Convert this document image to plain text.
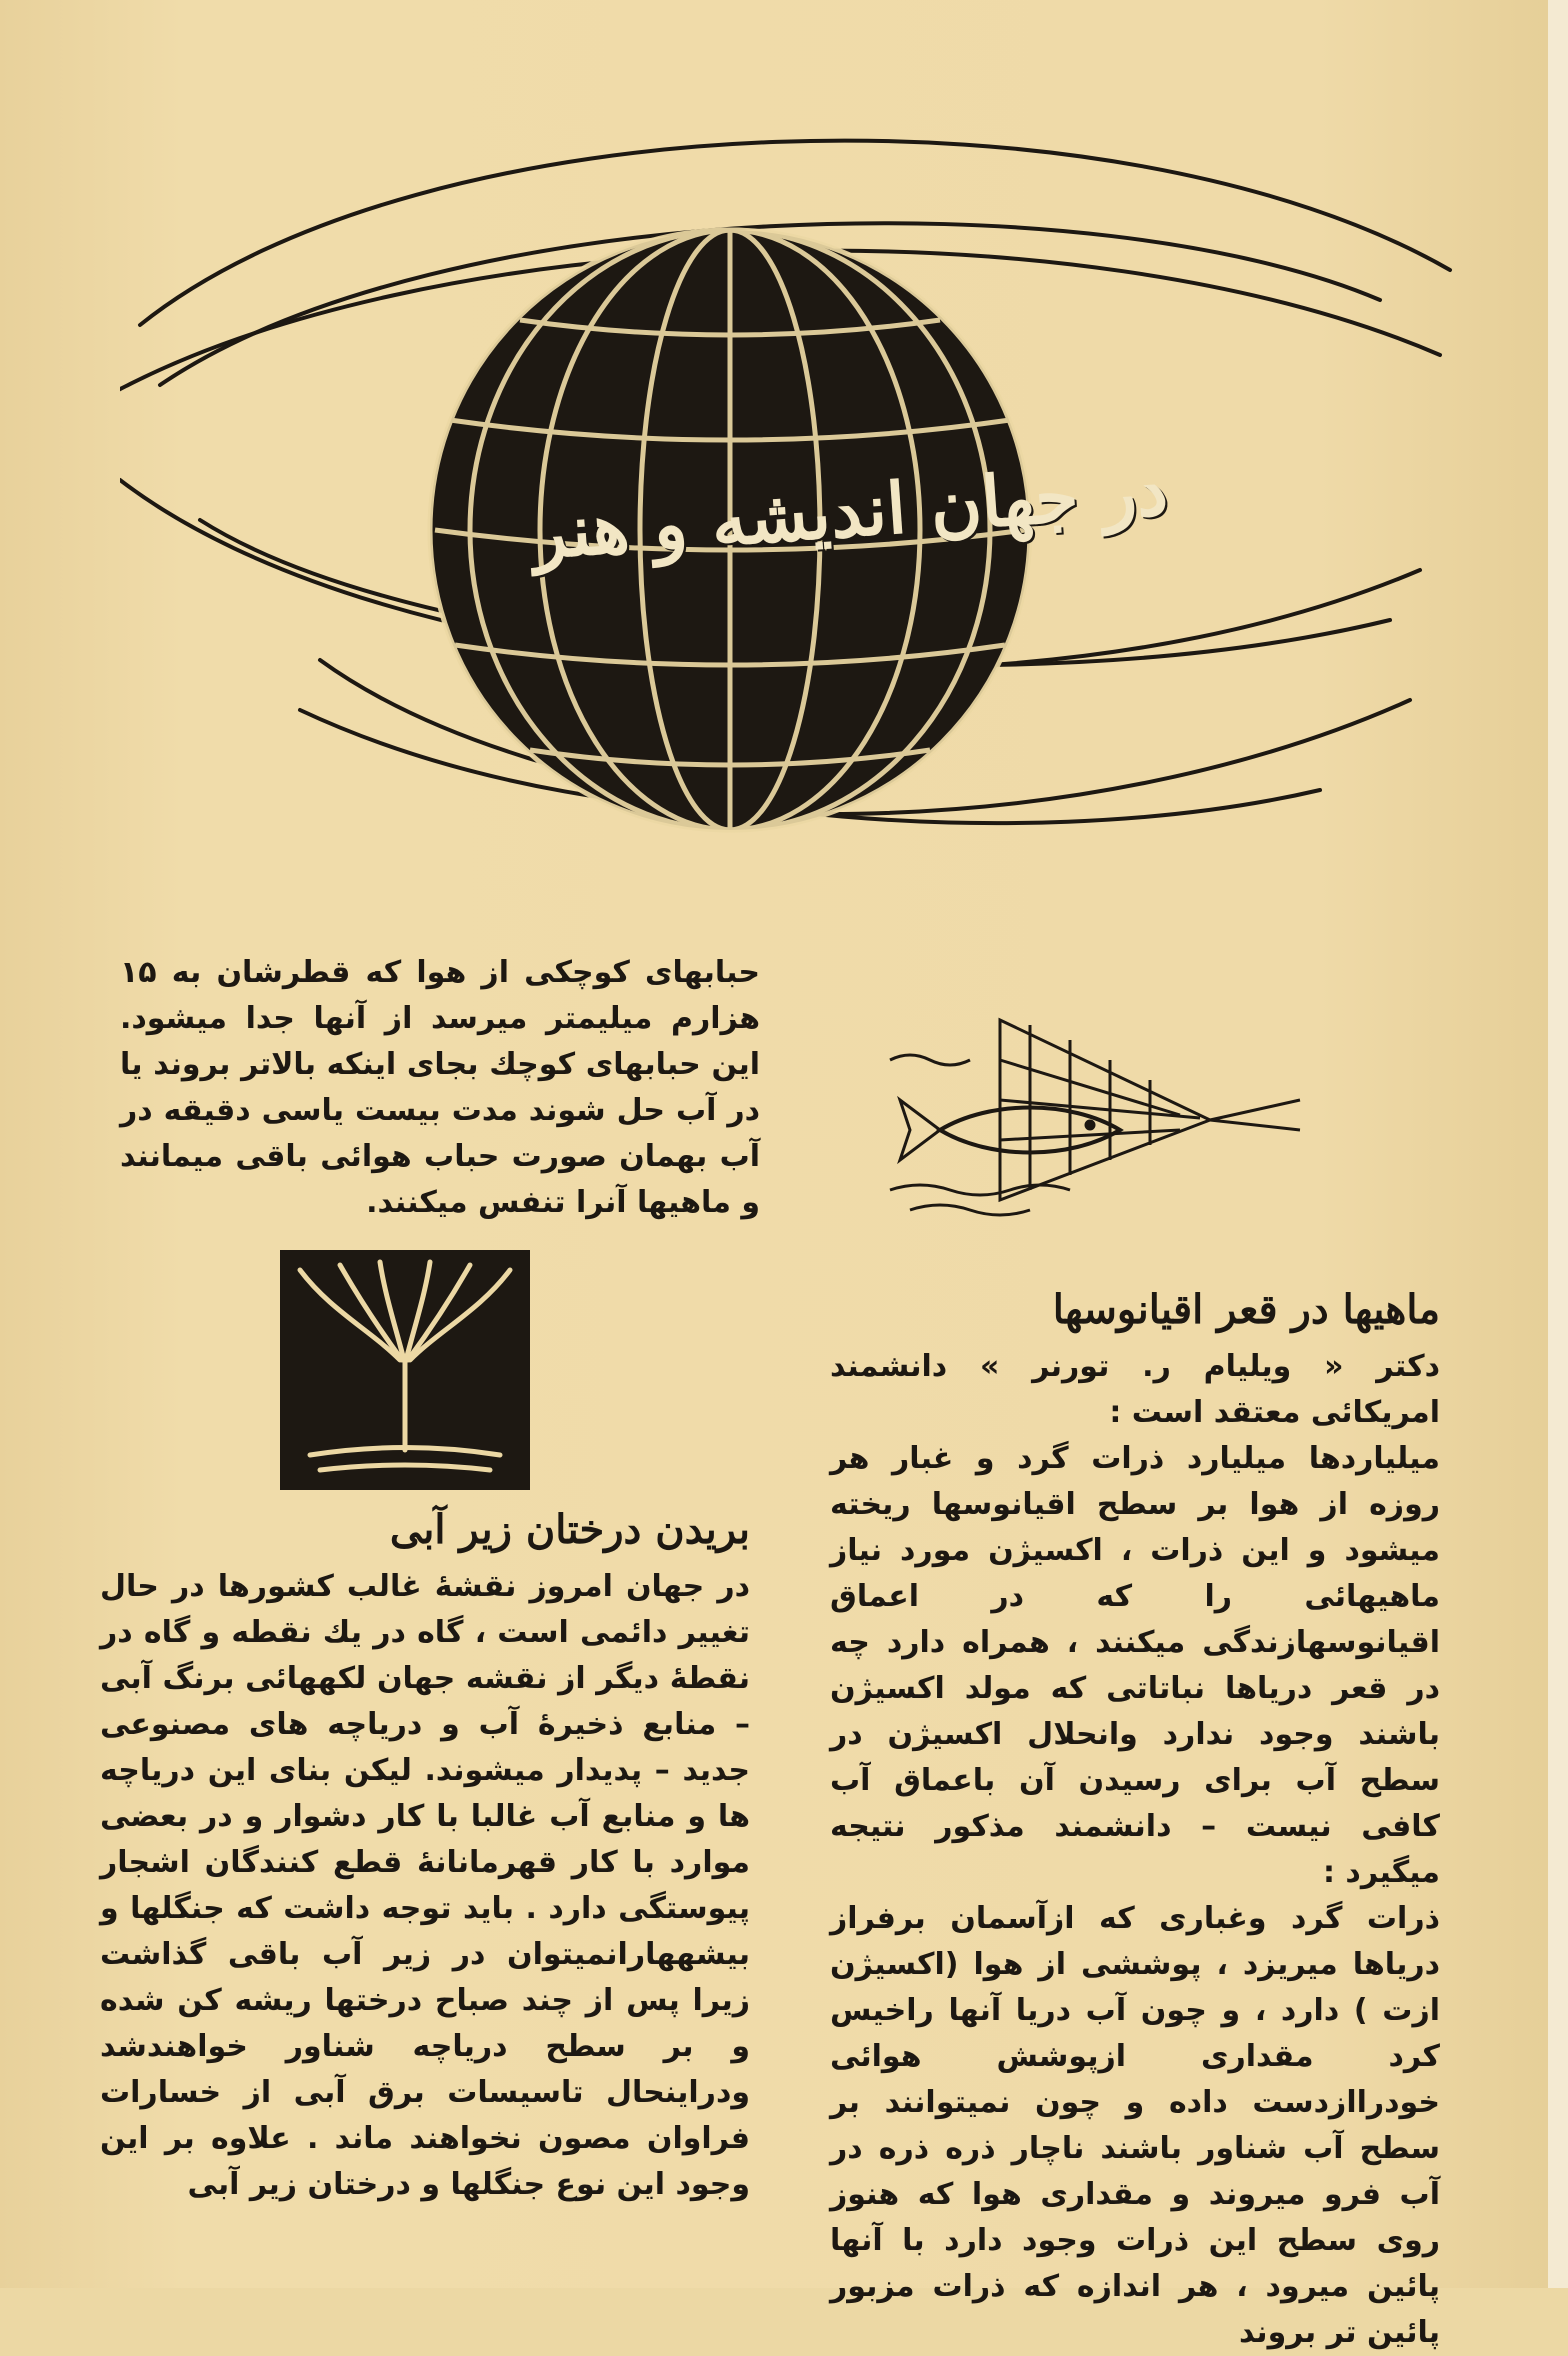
در جهان اندیشه و هنر

حبابهای کوچکی از هوا که قطرشان به ۱۵ هزارم میلیمتر میرسد از آنها جدا میشود. این حبابهای کوچك بجای اینکه بالاتر بروند یا در آب حل شوند مدت بیست یاسی دقیقه در آب بهمان صورت حباب هوائی باقی میمانند و ماهیها آنرا تنفس میکنند.

بریدن درختان زیر آبی

در جهان امروز نقشهٔ غالب کشورها در حال تغییر دائمی است ، گاه در یك نقطه و گاه در نقطهٔ دیگر از نقشه جهان لکههائی برنگ آبی – منابع ذخیرهٔ آب و دریاچه های مصنوعی جدید – پدیدار میشوند. لیکن بنای این دریاچه ها و منابع آب غالبا با کار دشوار و در بعضی موارد با کار قهرمانانهٔ قطع کنندگان اشجار پیوستگی دارد . باید توجه داشت که جنگلها و بیشههارانمیتوان در زیر آب باقی گذاشت زیرا پس از چند صباح درختها ریشه کن شده و بر سطح دریاچه شناور خواهندشد ودراینحال تاسیسات برق آبی از خسارات فراوان مصون نخواهند ماند . علاوه بر این وجود این نوع جنگلها و درختان زیر آبی

ماهیها در قعر اقیانوسها

دکتر « ویلیام ر. تورنر » دانشمند امریکائی معتقد است :

میلیاردها میلیارد ذرات گرد و غبار هر روزه از هوا بر سطح اقیانوسها ریخته میشود و این ذرات ، اکسیژن مورد نیاز ماهیهائی را که در اعماق اقیانوسهازندگی میکنند ، همراه دارد چه در قعر دریاها نباتاتی که مولد اکسیژن باشند وجود ندارد وانحلال اکسیژن در سطح آب برای رسیدن آن باعماق آب کافی نیست – دانشمند مذکور نتیجه میگیرد :

ذرات گرد وغباری که ازآسمان برفراز دریاها میریزد ، پوششی از هوا (اکسیژن ازت ) دارد ، و چون آب دریا آنها راخیس کرد مقداری ازپوشش هوائی خودراازدست داده و چون نمیتوانند بر سطح آب شناور باشند ناچار ذره ذره در آب فرو میروند و مقداری هوا که هنوز روی سطح این ذرات وجود دارد با آنها پائین میرود ، هر اندازه که ذرات مزبور پائین تر بروند
